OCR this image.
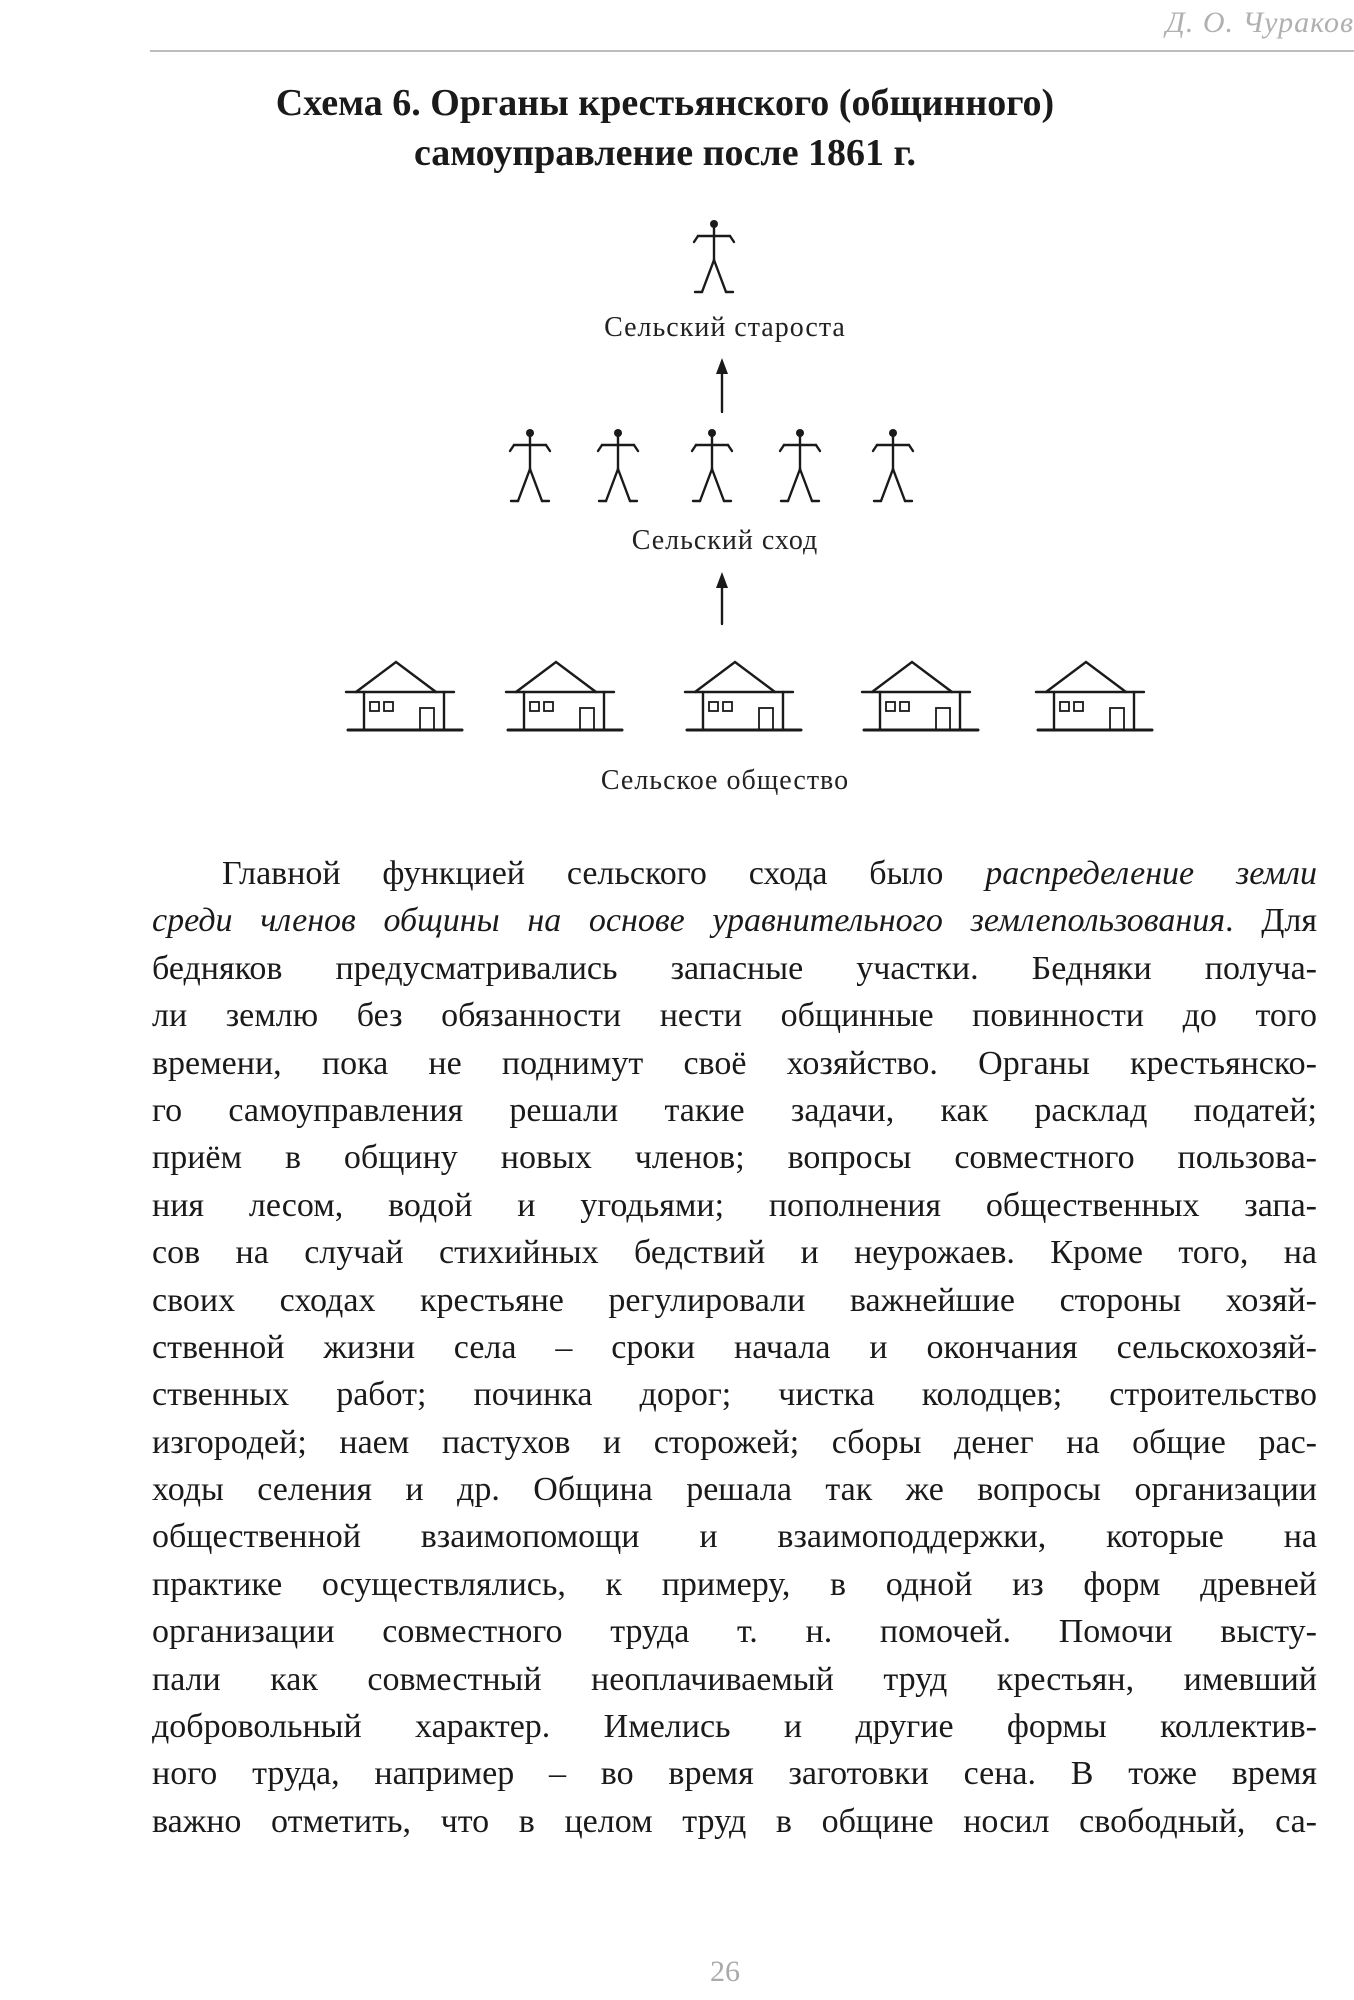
Д. О. Чураков
Схема 6. Органы крестьянского (общинного)
самоуправление после 1861 г.
Сельский староста
Сельский сход
Сельское общество
Главной функцией сельского схода было распределение земли
среди членов общины на основе уравнительного землепользования. Для
бедняков предусматривались запасные участки. Бедняки получа-
ли землю без обязанности нести общинные повинности до того
времени, пока не поднимут своё хозяйство. Органы крестьянско-
го самоуправления решали такие задачи, как расклад податей;
приём в общину новых членов; вопросы совместного пользова-
ния лесом, водой и угодьями; пополнения общественных запа-
сов на случай стихийных бедствий и неурожаев. Кроме того, на
своих сходах крестьяне регулировали важнейшие стороны хозяй-
ственной жизни села – сроки начала и окончания сельскохозяй-
ственных работ; починка дорог; чистка колодцев; строительство
изгородей; наем пастухов и сторожей; сборы денег на общие рас-
ходы селения и др. Община решала так же вопросы организации
общественной взаимопомощи и взаимоподдержки, которые на
практике осуществлялись, к примеру, в одной из форм древней
организации совместного труда т. н. помочей. Помочи высту-
пали как совместный неоплачиваемый труд крестьян, имевший
добровольный характер. Имелись и другие формы коллектив-
ного труда, например – во время заготовки сена. В тоже время
важно отметить, что в целом труд в общине носил свободный, са-
26
